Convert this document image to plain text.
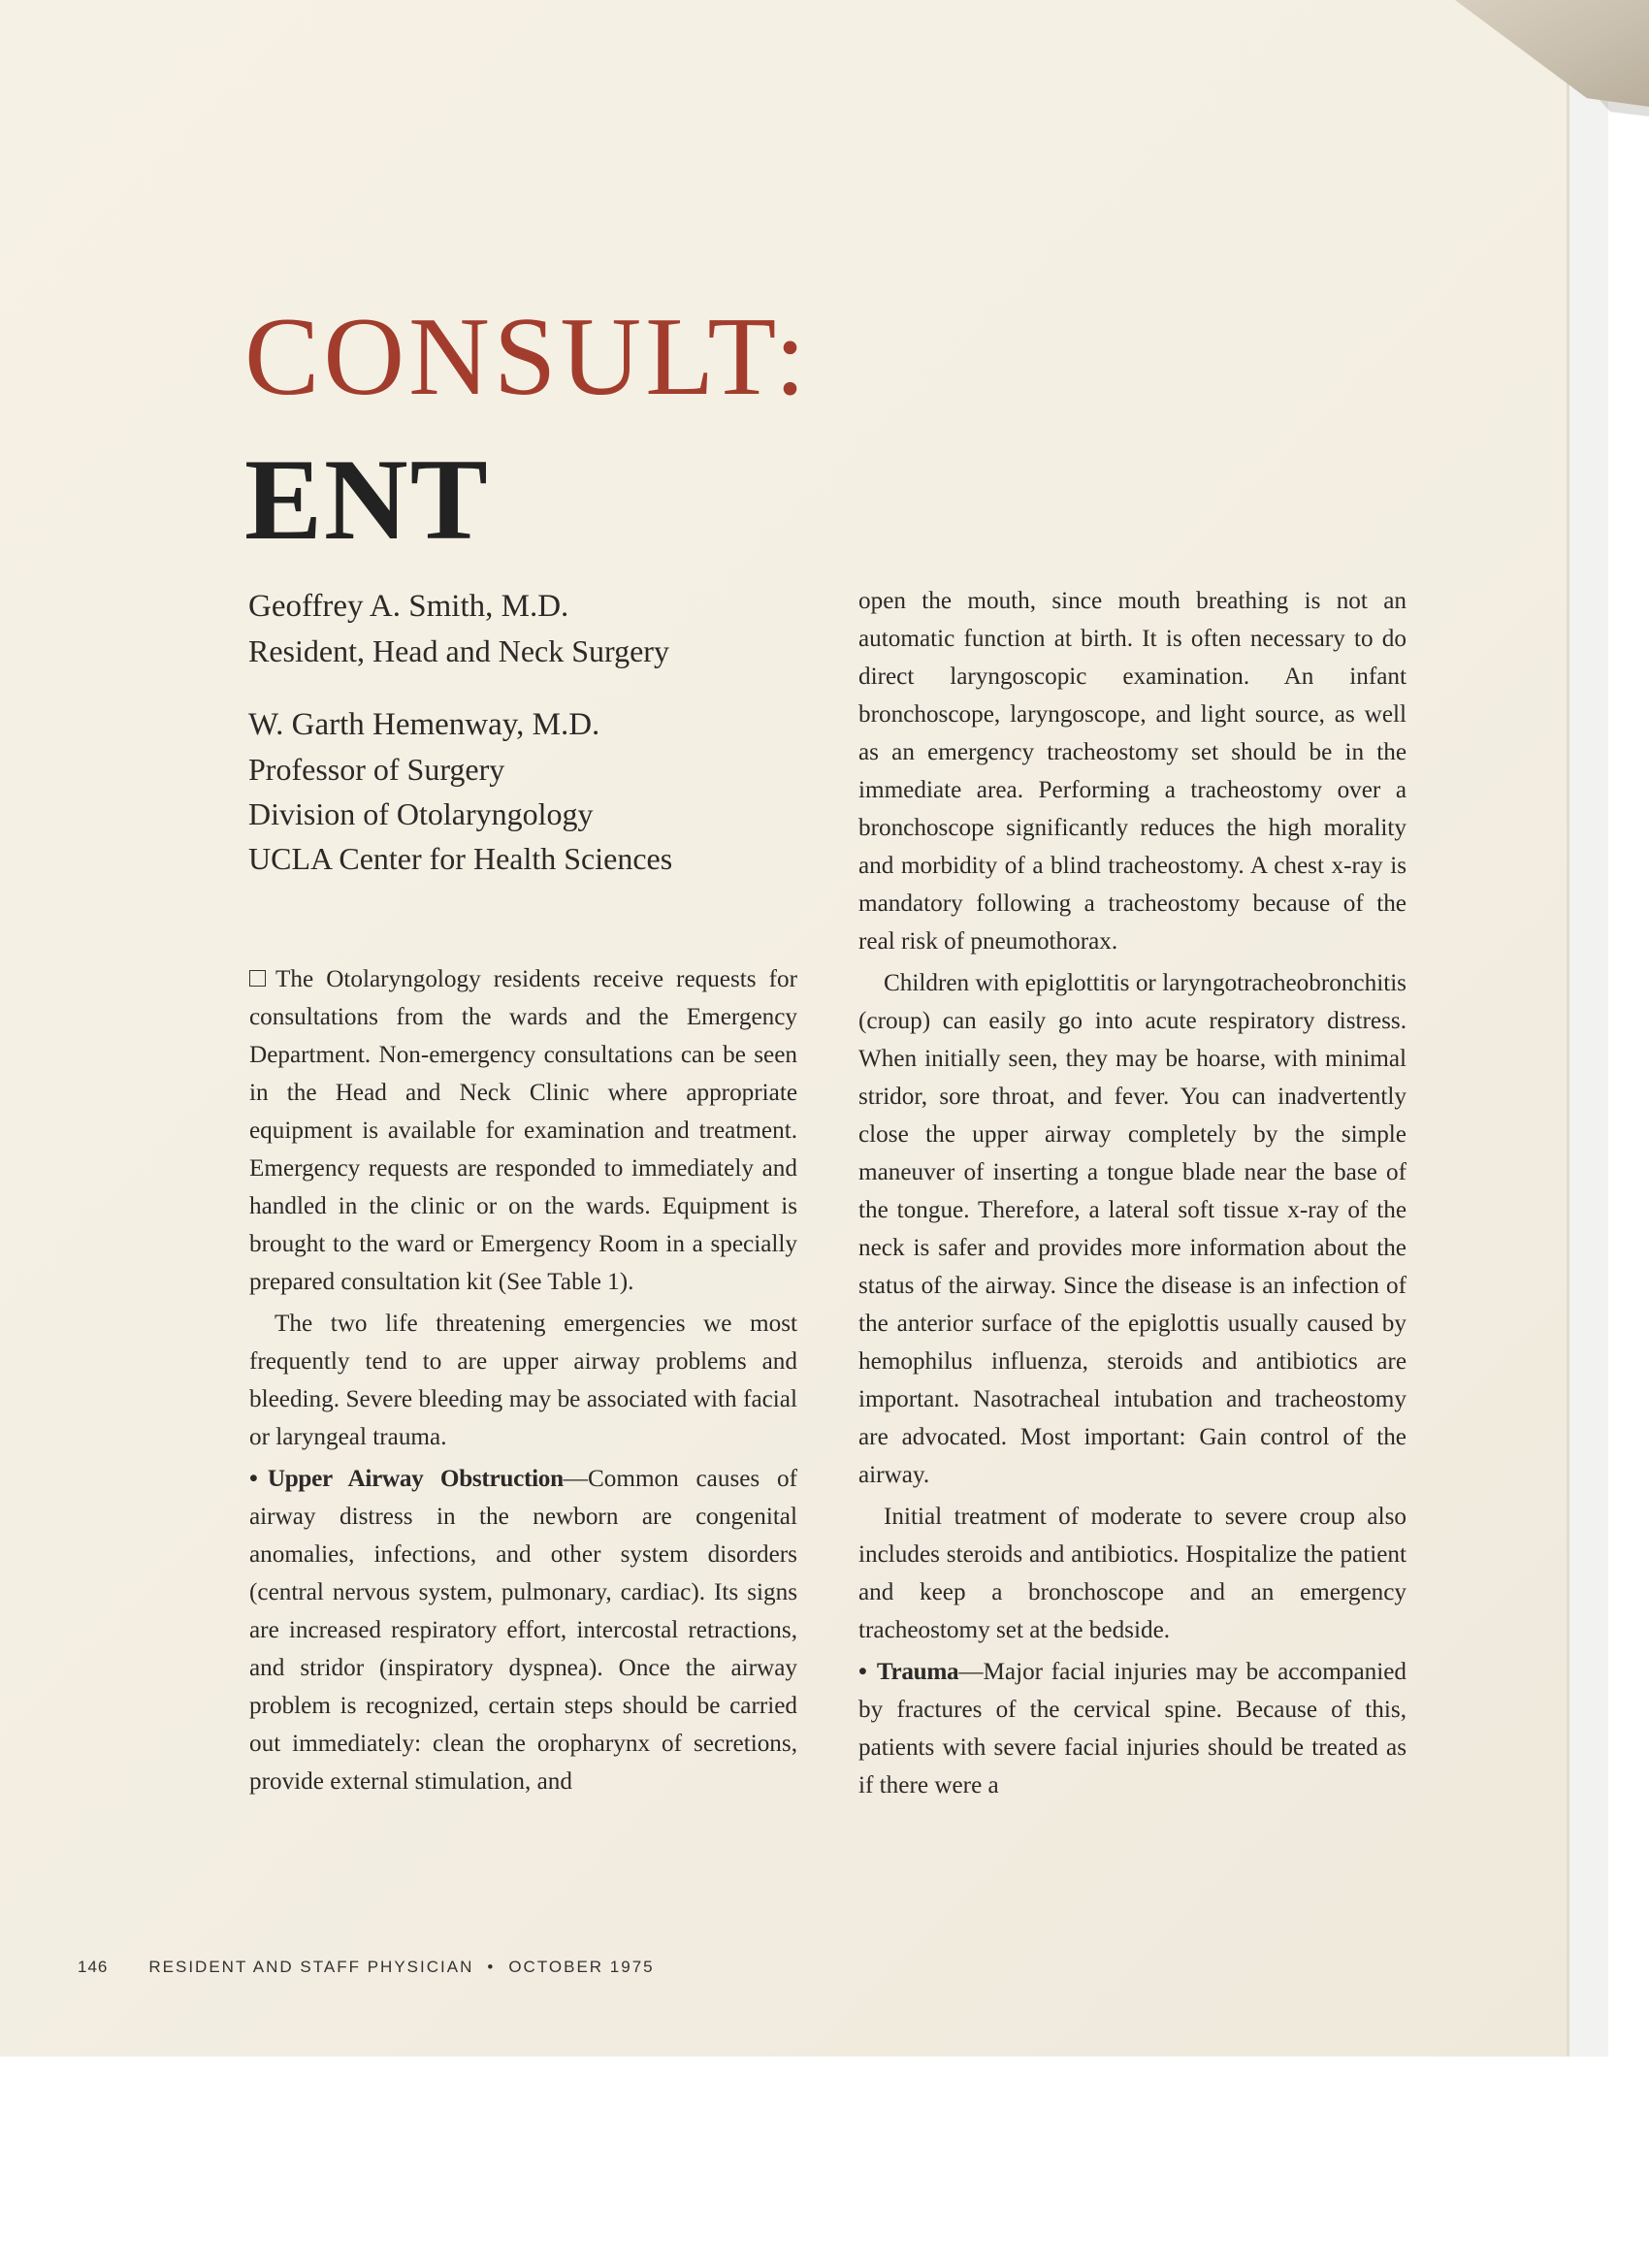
CONSULT:
ENT
Geoffrey A. Smith, M.D.
Resident, Head and Neck Surgery
W. Garth Hemenway, M.D.
Professor of Surgery
Division of Otolaryngology
UCLA Center for Health Sciences

The Otolaryngology residents receive requests for consultations from the wards and the Emergency Department. Non-emergency consultations can be seen in the Head and Neck Clinic where appropriate equipment is available for examination and treatment. Emergency requests are responded to immediately and handled in the clinic or on the wards. Equipment is brought to the ward or Emergency Room in a specially prepared consultation kit (See Table 1).

The two life threatening emergencies we most frequently tend to are upper airway problems and bleeding. Severe bleeding may be associated with facial or laryngeal trauma.

• Upper Airway Obstruction—Common causes of airway distress in the newborn are congenital anomalies, infections, and other system disorders (central nervous system, pulmonary, cardiac). Its signs are increased respiratory effort, intercostal retractions, and stridor (inspiratory dyspnea). Once the airway problem is recognized, certain steps should be carried out immediately: clean the oropharynx of secretions, provide external stimulation, and

open the mouth, since mouth breathing is not an automatic function at birth. It is often necessary to do direct laryngoscopic examination. An infant bronchoscope, laryngoscope, and light source, as well as an emergency tracheostomy set should be in the immediate area. Performing a tracheostomy over a bronchoscope significantly reduces the high morality and morbidity of a blind tracheostomy. A chest x-ray is mandatory following a tracheostomy because of the real risk of pneumothorax.

Children with epiglottitis or laryngotracheobronchitis (croup) can easily go into acute respiratory distress. When initially seen, they may be hoarse, with minimal stridor, sore throat, and fever. You can inadvertently close the upper airway completely by the simple maneuver of inserting a tongue blade near the base of the tongue. Therefore, a lateral soft tissue x-ray of the neck is safer and provides more information about the status of the airway. Since the disease is an infection of the anterior surface of the epiglottis usually caused by hemophilus influenza, steroids and antibiotics are important. Nasotracheal intubation and tracheostomy are advocated. Most important: Gain control of the airway.

Initial treatment of moderate to severe croup also includes steroids and antibiotics. Hospitalize the patient and keep a bronchoscope and an emergency tracheostomy set at the bedside.

• Trauma—Major facial injuries may be accompanied by fractures of the cervical spine. Because of this, patients with severe facial injuries should be treated as if there were a

146 RESIDENT AND STAFF PHYSICIAN • OCTOBER 1975
